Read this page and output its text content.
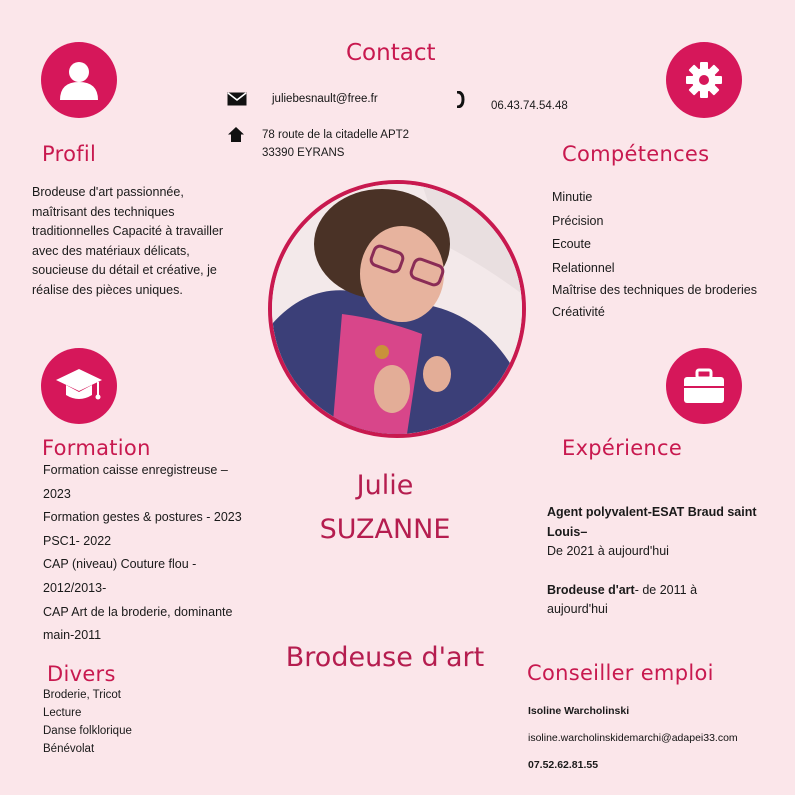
Contact
juliebesnault@free.fr
06.43.74.54.48
78 route de la citadelle APT2
33390 EYRANS
Profil
Brodeuse d'art passionnée, maîtrisant des techniques traditionnelles Capacité à travailler avec des matériaux délicats, soucieuse du détail et créative, je réalise des pièces uniques.
Compétences
Minutie
Précision
Ecoute
Relationnel
Maîtrise des techniques de broderies
Créativité
Formation
Formation caisse enregistreuse – 2023
Formation gestes & postures - 2023
PSC1- 2022
CAP (niveau) Couture flou - 2012/2013-
CAP Art de la broderie, dominante main-2011
Expérience
Agent polyvalent-ESAT Braud saint Louis–
De 2021 à aujourd'hui
Brodeuse d'art- de 2011 à aujourd'hui
Julie
SUZANNE
Brodeuse d'art
Divers
Broderie, Tricot
Lecture
Danse folklorique
Bénévolat
Conseiller emploi
Isoline Warcholinski
isoline.warcholinskidemarchi@adapei33.com
07.52.62.81.55
